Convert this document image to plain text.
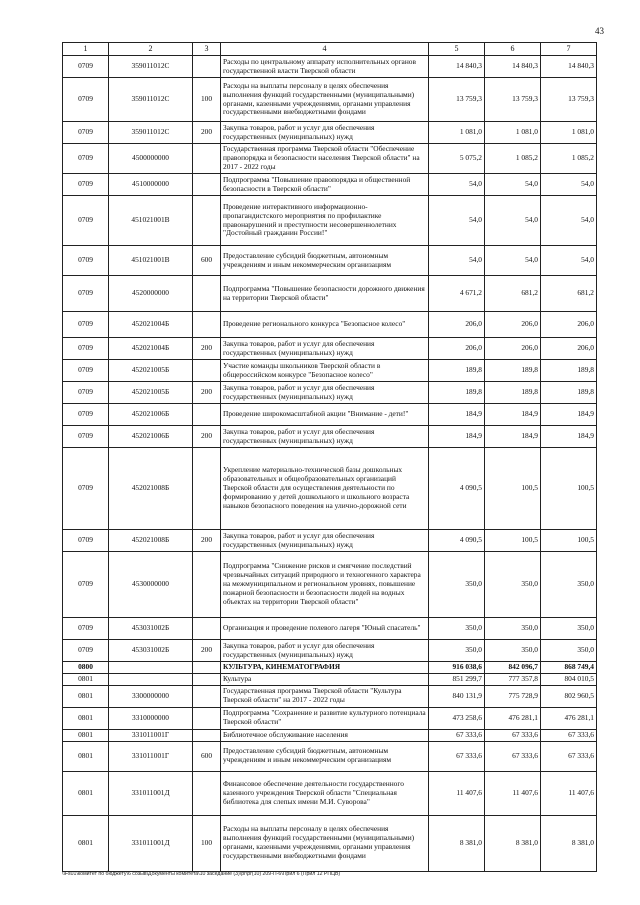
43
1	2	3	4	5	6	7
0709	359011012С		Расходы по центральному аппарату исполнительных органов государственной власти Тверской области	14 840,3	14 840,3	14 840,3
0709	359011012С	100	Расходы на выплаты персоналу в целях обеспечения выполнения функций государственными (муниципальными) органами, казенными учреждениями, органами управления государственными внебюджетными фондами	13 759,3	13 759,3	13 759,3
0709	359011012С	200	Закупка товаров, работ и услуг для обеспечения государственных (муниципальных) нужд	1 081,0	1 081,0	1 081,0
0709	4500000000		Государственная программа Тверской области "Обеспечение правопорядка и безопасности населения Тверской области" на 2017 - 2022 годы	5 075,2	1 085,2	1 085,2
0709	4510000000		Подпрограмма "Повышение правопорядка и общественной безопасности в Тверской области"	54,0	54,0	54,0
0709	451021001В		Проведение интерактивного информационно-пропагандистского мероприятия по профилактике правонарушений и преступности несовершеннолетних "Достойный гражданин России!"	54,0	54,0	54,0
0709	451021001В	600	Предоставление субсидий бюджетным, автономным учреждениям и иным некоммерческим организациям	54,0	54,0	54,0
0709	4520000000		Подпрограмма "Повышение безопасности дорожного движения на территории Тверской области"	4 671,2	681,2	681,2
0709	452021004Б		Проведение регионального конкурса "Безопасное колесо"	206,0	206,0	206,0
0709	452021004Б	200	Закупка товаров, работ и услуг для обеспечения государственных (муниципальных) нужд	206,0	206,0	206,0
0709	452021005Б		Участие команды школьников Тверской области в общероссийском конкурсе "Безопасное колесо"	189,8	189,8	189,8
0709	452021005Б	200	Закупка товаров, работ и услуг для обеспечения государственных (муниципальных) нужд	189,8	189,8	189,8
0709	452021006Б		Проведение широкомасштабной акции "Внимание - дети!"	184,9	184,9	184,9
0709	452021006Б	200	Закупка товаров, работ и услуг для обеспечения государственных (муниципальных) нужд	184,9	184,9	184,9
0709	452021008Б		Укрепление материально-технической базы дошкольных образовательных и общеобразовательных организаций Тверской области для осуществления деятельности по формированию у детей дошкольного и школьного возраста навыков безопасного поведения на улично-дорожной сети	4 090,5	100,5	100,5
0709	452021008Б	200	Закупка товаров, работ и услуг для обеспечения государственных (муниципальных) нужд	4 090,5	100,5	100,5
0709	4530000000		Подпрограмма "Снижение рисков и смягчение последствий чрезвычайных ситуаций природного и техногенного характера на межмуниципальном и региональном уровнях, повышение пожарной безопасности и безопасности людей на водных объектах на территории Тверской области"	350,0	350,0	350,0
0709	453031002Б		Организация и проведение полевого лагеря "Юный спасатель"	350,0	350,0	350,0
0709	453031002Б	200	Закупка товаров, работ и услуг для обеспечения государственных (муниципальных) нужд	350,0	350,0	350,0
0800			КУЛЬТУРА, КИНЕМАТОГРАФИЯ	916 038,6	842 096,7	868 749,4
0801			Культура	851 299,7	777 357,8	804 010,5
0801	3300000000		Государственная программа Тверской области "Культура Тверской области" на 2017 - 2022 годы	840 131,9	775 728,9	802 960,5
0801	3310000000		Подпрограмма "Сохранение и развитие культурного потенциала Тверской области"	473 258,6	476 281,1	476 281,1
0801	331011001Г		Библиотечное обслуживание населения	67 333,6	67 333,6	67 333,6
0801	331011001Г	600	Предоставление субсидий бюджетным, автономным учреждениям и иным некоммерческим организациям	67 333,6	67 333,6	67 333,6
0801	331011001Д		Финансовое обеспечение деятельности государственного казенного учреждения Тверской области "Специальная библиотека для слепых имени М.И. Суворова"	11 407,6	11 407,6	11 407,6
0801	331011001Д	100	Расходы на выплаты персоналу в целях обеспечения выполнения функций государственными (муниципальными) органами, казенными учреждениями, органами управления государственными внебюджетными фондами	8 381,0	8 381,0	8 381,0
\\Fs01\комитет по бюджету\6 созыв\Документы комитета\10 заседание (3)\pr\pr(10) 209-П-6\Прил 6 (Прил 12 РПЦВ)
